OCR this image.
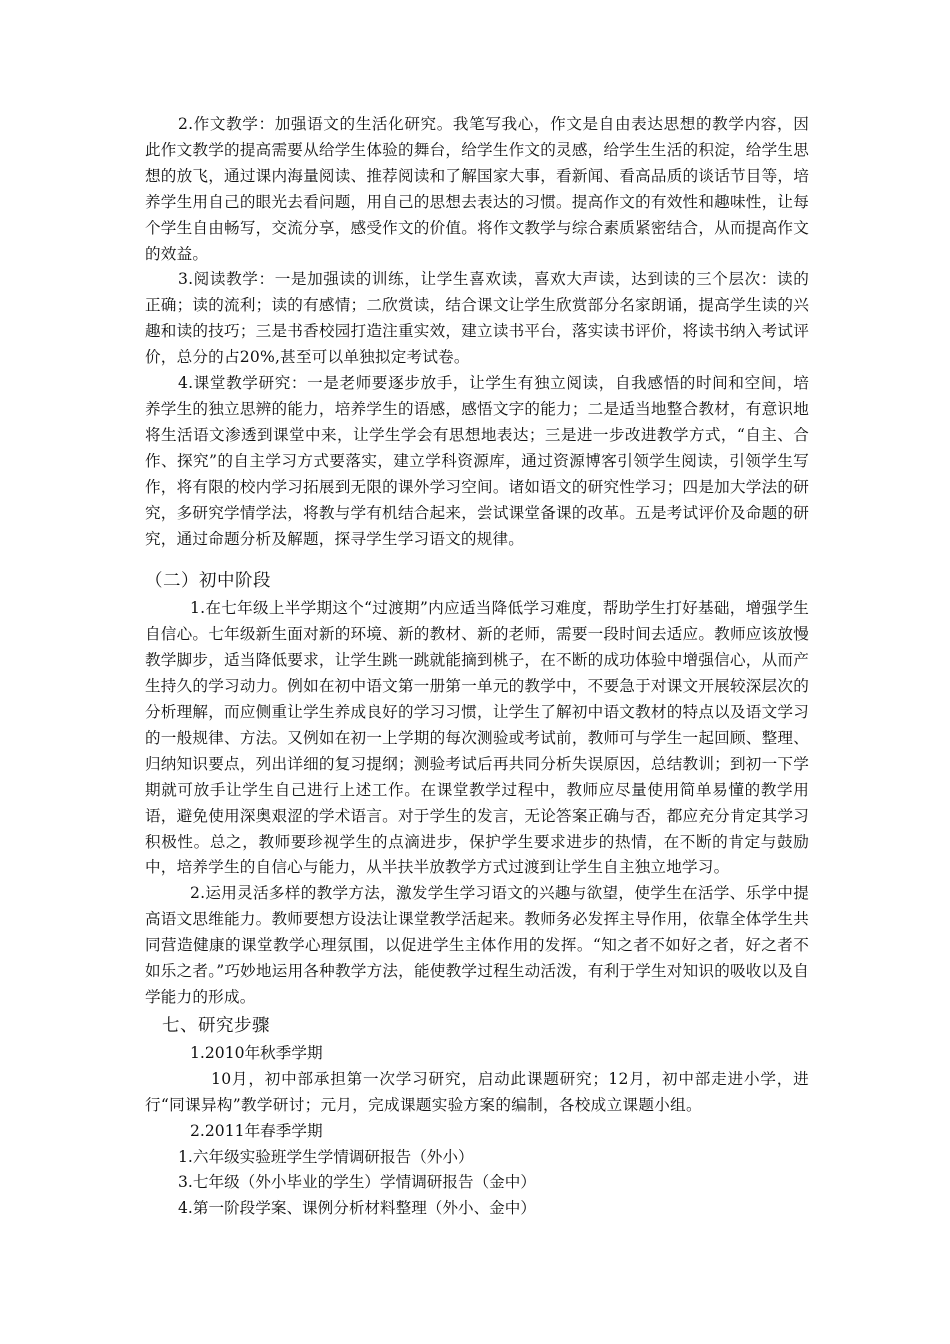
2.作文教学：加强语文的生活化研究。我笔写我心，作文是自由表达思想的教学内容，因此作文教学的提高需要从给学生体验的舞台，给学生作文的灵感，给学生生活的积淀，给学生思想的放飞，通过课内海量阅读、推荐阅读和了解国家大事，看新闻、看高品质的谈话节目等，培养学生用自己的眼光去看问题，用自己的思想去表达的习惯。提高作文的有效性和趣味性，让每个学生自由畅写，交流分享，感受作文的价值。将作文教学与综合素质紧密结合，从而提高作文的效益。

3.阅读教学：一是加强读的训练，让学生喜欢读，喜欢大声读，达到读的三个层次：读的正确；读的流利；读的有感情；二欣赏读，结合课文让学生欣赏部分名家朗诵，提高学生读的兴趣和读的技巧；三是书香校园打造注重实效，建立读书平台，落实读书评价，将读书纳入考试评价，总分的占20%,甚至可以单独拟定考试卷。

4.课堂教学研究：一是老师要逐步放手，让学生有独立阅读，自我感悟的时间和空间，培养学生的独立思辨的能力，培养学生的语感，感悟文字的能力；二是适当地整合教材，有意识地将生活语文渗透到课堂中来，让学生学会有思想地表达；三是进一步改进教学方式，“自主、合作、探究”的自主学习方式要落实，建立学科资源库，通过资源博客引领学生阅读，引领学生写作，将有限的校内学习拓展到无限的课外学习空间。诸如语文的研究性学习；四是加大学法的研究，多研究学情学法，将教与学有机结合起来，尝试课堂备课的改革。五是考试评价及命题的研究，通过命题分析及解题，探寻学生学习语文的规律。

（二）初中阶段

1.在七年级上半学期这个“过渡期”内应适当降低学习难度，帮助学生打好基础，增强学生自信心。七年级新生面对新的环境、新的教材、新的老师，需要一段时间去适应。教师应该放慢教学脚步，适当降低要求，让学生跳一跳就能摘到桃子，在不断的成功体验中增强信心，从而产生持久的学习动力。例如在初中语文第一册第一单元的教学中，不要急于对课文开展较深层次的分析理解，而应侧重让学生养成良好的学习习惯，让学生了解初中语文教材的特点以及语文学习的一般规律、方法。又例如在初一上学期的每次测验或考试前，教师可与学生一起回顾、整理、归纳知识要点，列出详细的复习提纲；测验考试后再共同分析失误原因，总结教训；到初一下学期就可放手让学生自己进行上述工作。在课堂教学过程中，教师应尽量使用简单易懂的教学用语，避免使用深奥艰涩的学术语言。对于学生的发言，无论答案正确与否，都应充分肯定其学习积极性。总之，教师要珍视学生的点滴进步，保护学生要求进步的热情，在不断的肯定与鼓励中，培养学生的自信心与能力，从半扶半放教学方式过渡到让学生自主独立地学习。

2.运用灵活多样的教学方法，激发学生学习语文的兴趣与欲望，使学生在活学、乐学中提高语文思维能力。教师要想方设法让课堂教学活起来。教师务必发挥主导作用，依靠全体学生共同营造健康的课堂教学心理氛围，以促进学生主体作用的发挥。“知之者不如好之者，好之者不如乐之者。”巧妙地运用各种教学方法，能使教学过程生动活泼，有利于学生对知识的吸收以及自学能力的形成。

七、研究步骤

1.2010年秋季学期

10月，初中部承担第一次学习研究，启动此课题研究；12月，初中部走进小学，进行“同课异构”教学研讨；元月，完成课题实验方案的编制，各校成立课题小组。

2.2011年春季学期

1.六年级实验班学生学情调研报告（外小）

3.七年级（外小毕业的学生）学情调研报告（金中）

4.第一阶段学案、课例分析材料整理（外小、金中）
